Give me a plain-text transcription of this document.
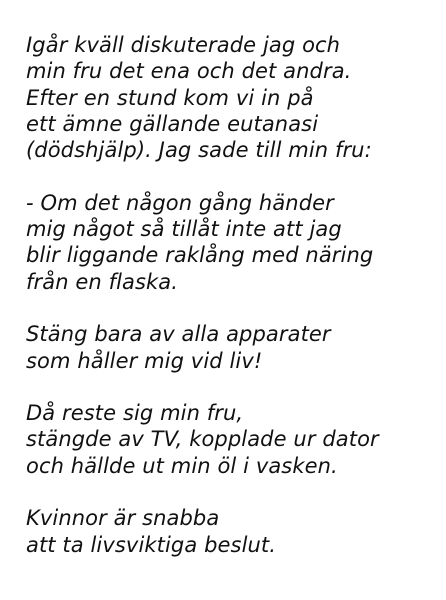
Igår kväll diskuterade jag och
min fru det ena och det andra.
Efter en stund kom vi in på
ett ämne gällande eutanasi
(dödshjälp). Jag sade till min fru:

- Om det någon gång händer
mig något så tillåt inte att jag
blir liggande raklång med näring
från en flaska.

Stäng bara av alla apparater
som håller mig vid liv!

Då reste sig min fru,
stängde av TV, kopplade ur dator
och hällde ut min öl i vasken.

Kvinnor är snabba
att ta livsviktiga beslut.
